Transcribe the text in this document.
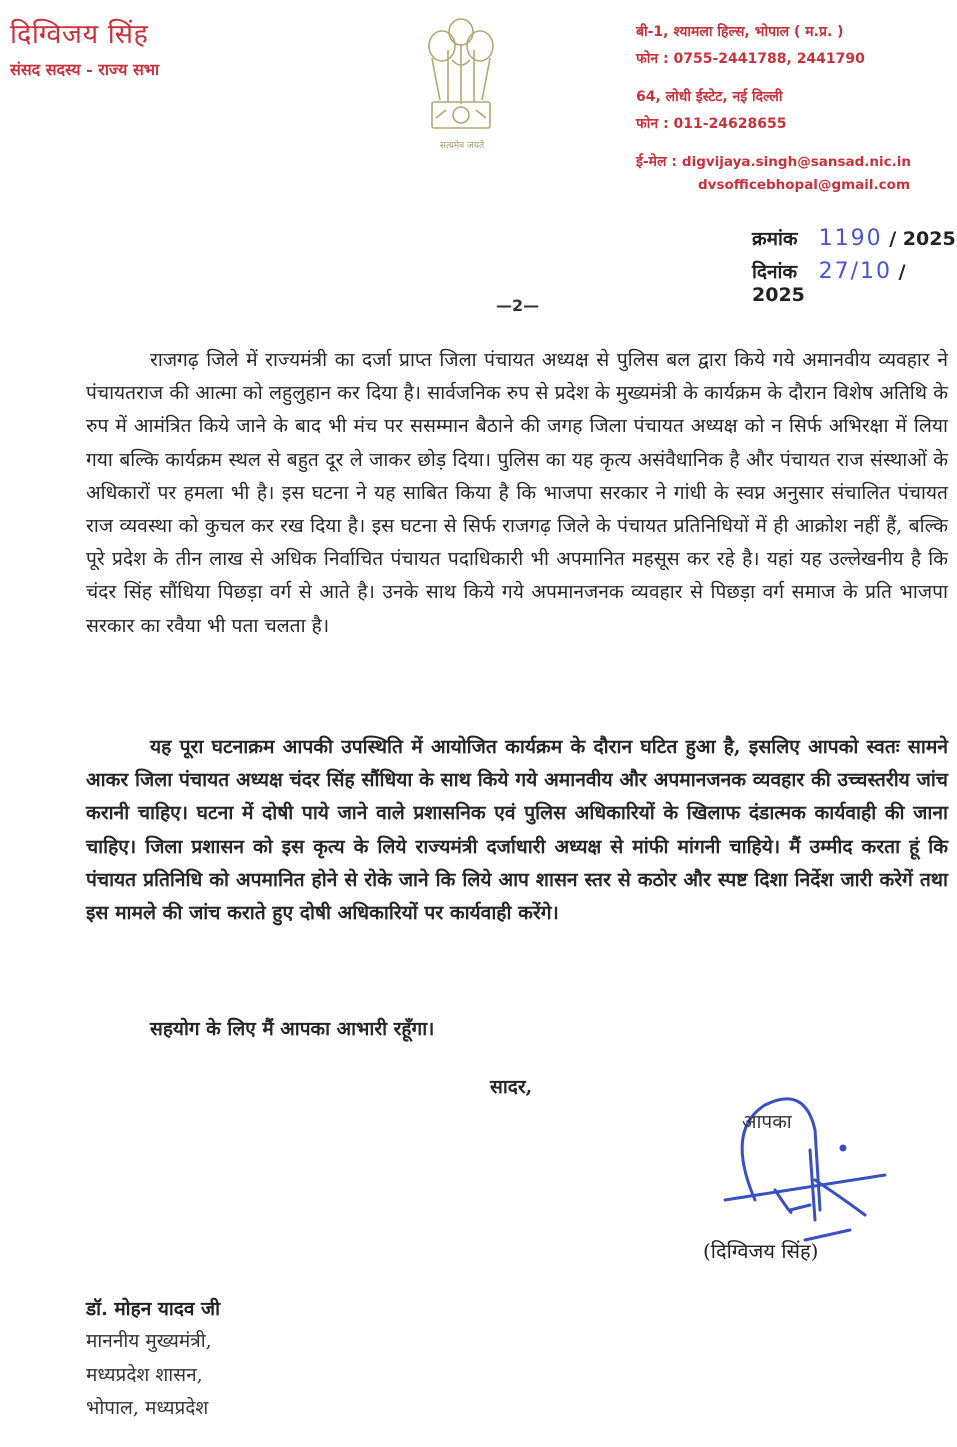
दिग्विजय सिंह
संसद सदस्य - राज्य सभा
सत्यमेव जयते
बी-1, श्यामला हिल्स, भोपाल ( म.प्र. )
फोन : 0755-2441788, 2441790
64, लोधी ईस्टेट, नई दिल्ली
फोन : 011-24628655
ई-मेल : digvijaya.singh@sansad.nic.in
dvsofficebhopal@gmail.com
क्रमांक 1190 / 2025
दिनांक 27/10 / 2025
—2—
राजगढ़ जिले में राज्यमंत्री का दर्जा प्राप्त जिला पंचायत अध्यक्ष से पुलिस बल द्वारा किये गये अमानवीय व्यवहार ने पंचायतराज की आत्मा को लहुलुहान कर दिया है। सार्वजनिक रुप से प्रदेश के मुख्यमंत्री के कार्यक्रम के दौरान विशेष अतिथि के रुप में आमंत्रित किये जाने के बाद भी मंच पर ससम्मान बैठाने की जगह जिला पंचायत अध्यक्ष को न सिर्फ अभिरक्षा में लिया गया बल्कि कार्यक्रम स्थल से बहुत दूर ले जाकर छोड़ दिया। पुलिस का यह कृत्य असंवैधानिक है और पंचायत राज संस्थाओं के अधिकारों पर हमला भी है। इस घटना ने यह साबित किया है कि भाजपा सरकार ने गांधी के स्वप्न अनुसार संचालित पंचायत राज व्यवस्था को कुचल कर रख दिया है। इस घटना से सिर्फ राजगढ़ जिले के पंचायत प्रतिनिधियों में ही आक्रोश नहीं हैं, बल्कि पूरे प्रदेश के तीन लाख से अधिक निर्वाचित पंचायत पदाधिकारी भी अपमानित महसूस कर रहे है। यहां यह उल्लेखनीय है कि चंदर सिंह सौंधिया पिछड़ा वर्ग से आते है। उनके साथ किये गये अपमानजनक व्यवहार से पिछड़ा वर्ग समाज के प्रति भाजपा सरकार का रवैया भी पता चलता है।
यह पूरा घटनाक्रम आपकी उपस्थिति में आयोजित कार्यक्रम के दौरान घटित हुआ है, इसलिए आपको स्वतः सामने आकर जिला पंचायत अध्यक्ष चंदर सिंह सौंधिया के साथ किये गये अमानवीय और अपमानजनक व्यवहार की उच्चस्तरीय जांच करानी चाहिए। घटना में दोषी पाये जाने वाले प्रशासनिक एवं पुलिस अधिकारियों के खिलाफ दंडात्मक कार्यवाही की जाना चाहिए। जिला प्रशासन को इस कृत्य के लिये राज्यमंत्री दर्जाधारी अध्यक्ष से मांफी मांगनी चाहिये। मैं उम्मीद करता हूं कि पंचायत प्रतिनिधि को अपमानित होने से रोके जाने कि लिये आप शासन स्तर से कठोर और स्पष्ट दिशा निर्देश जारी करेगें तथा इस मामले की जांच कराते हुए दोषी अधिकारियों पर कार्यवाही करेंगे।
सहयोग के लिए मैं आपका आभारी रहूँगा।
सादर,
आपका
(दिग्विजय सिंह)
डॉ. मोहन यादव जी
माननीय मुख्यमंत्री,
मध्यप्रदेश शासन,
भोपाल, मध्यप्रदेश
